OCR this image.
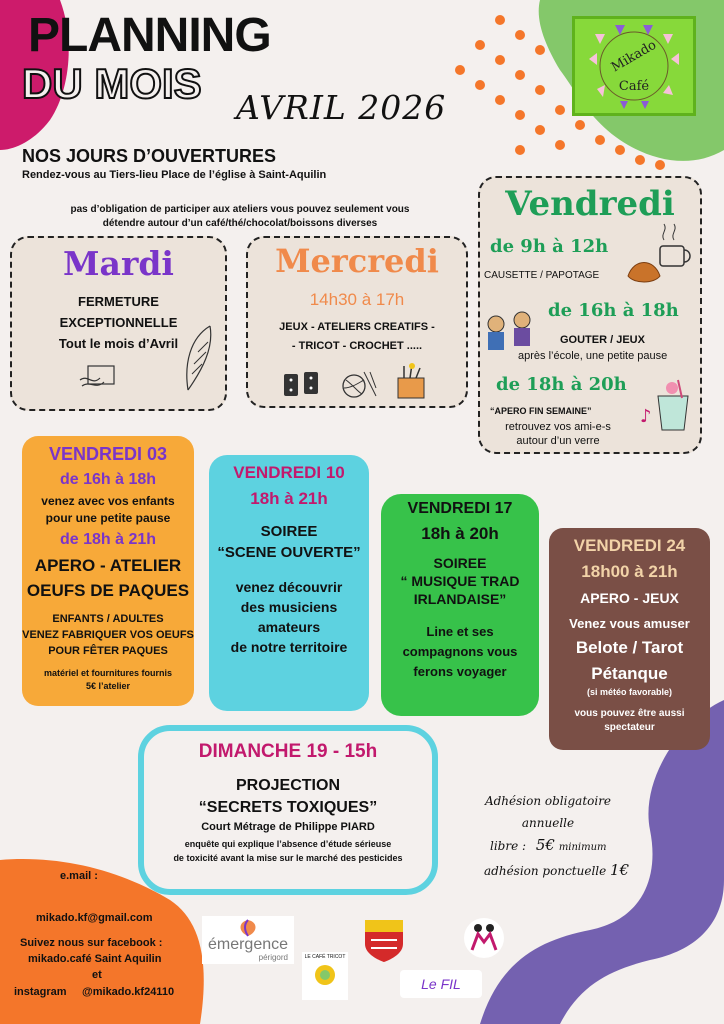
PLANNING
DU MOIS
AVRIL 2026
Mikado
Café
NOS JOURS D’OUVERTURES
Rendez-vous au Tiers-lieu Place de l’église à Saint-Aquilin
pas d’obligation de participer aux ateliers vous pouvez seulement vous
détendre autour d’un café/thé/chocolat/boissons diverses
Mardi
FERMETURE
EXCEPTIONNELLE
Tout le mois d’Avril
Mercredi
14h30 à 17h
JEUX - ATELIERS CREATIFS -
- TRICOT - CROCHET .....
Vendredi
de 9h à 12h
CAUSETTE / PAPOTAGE
de 16h à 18h
GOUTER / JEUX
après l’école, une petite pause
de 18h à 20h
“APERO FIN SEMAINE”
retrouvez vos ami-e-s
autour d’un verre
♪
VENDREDI 03
de 16h à 18h
venez avec vos enfants
pour une petite pause
de 18h à 21h
APERO - ATELIER
OEUFS DE PAQUES
ENFANTS / ADULTES
VENEZ FABRIQUER VOS OEUFS
POUR FÊTER PAQUES
matériel et fournitures fournis
5€ l’atelier
VENDREDI 10
18h à 21h
SOIREE
“SCENE OUVERTE”
venez découvrir
des musiciens
amateurs
de notre territoire
VENDREDI 17
18h à 20h
SOIREE
“ MUSIQUE TRAD
IRLANDAISE”
Line et ses
compagnons vous
ferons voyager
VENDREDI 24
18h00 à 21h
APERO - JEUX
Venez vous amuser
Belote / Tarot
Pétanque
(si météo favorable)
vous pouvez être aussi
spectateur
DIMANCHE 19 - 15h
PROJECTION
“SECRETS TOXIQUES”
Court Métrage de Philippe PIARD
enquête qui explique l’absence d’étude sérieuse
de toxicité avant la mise sur le marché des pesticides
Adhésion obligatoire annuelle
libre : 5€ minimum
adhésion ponctuelle 1€
e.mail :
mikado.kf@gmail.com
Suivez nous sur facebook :
mikado.café Saint Aquilin
et
instagram @mikado.kf24110
émergence
périgord	LE CAFÉ TRICOT
Le FIL
